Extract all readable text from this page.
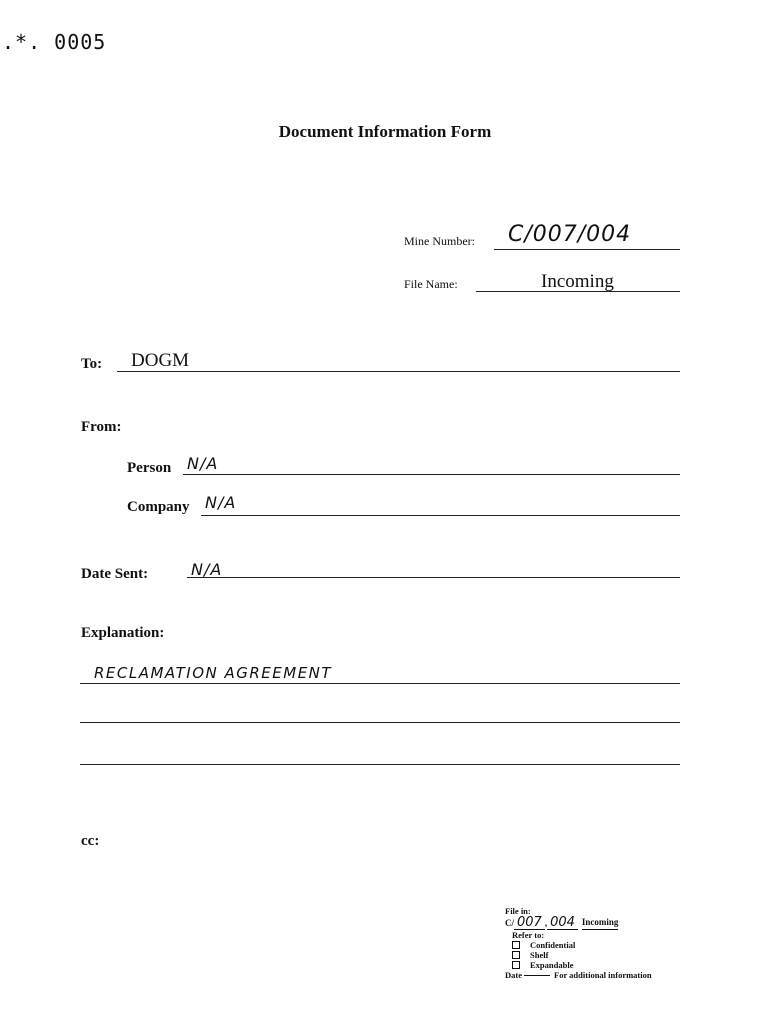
.*. 0005
Document Information Form
Mine Number: C/007/004
File Name:	Incoming
To: DOGM
From:
Person N/A
Company N/A
Date Sent:	N/A
Explanation:
RECLAMATION AGREEMENT
cc:
File in:
C/ 007 , 004 Incoming
Refer to:
Confidential
Shelf
Expandable
Date	For additional information
